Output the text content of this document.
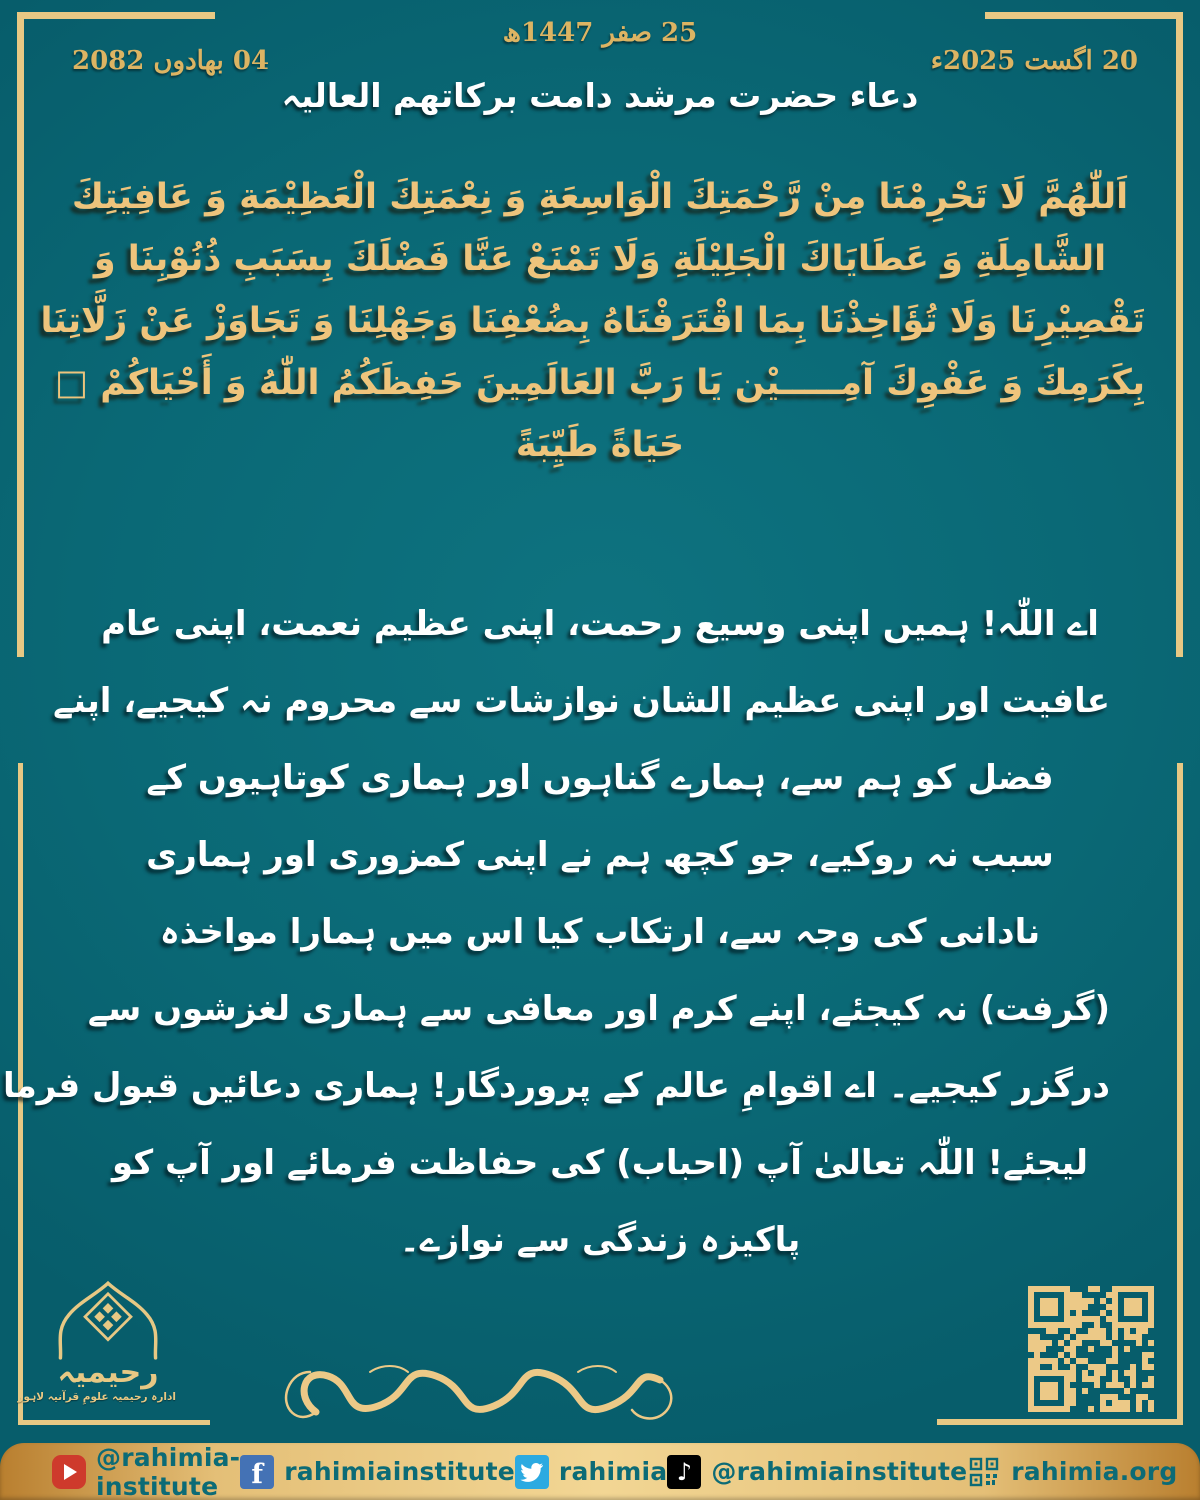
25 صفر 1447ھ
20 اگست 2025ء
04 بھادوں 2082
دعاء حضرت مرشد دامت برکاتھم العالیہ
اَللّٰهُمَّ لَا تَحْرِمْنَا مِنْ رَّحْمَتِكَ الْوَاسِعَةِ وَ نِعْمَتِكَ الْعَظِيْمَةِ وَ عَافِيَتِكَ
الشَّامِلَةِ وَ عَطَايَاكَ الْجَلِيْلَةِ وَلَا تَمْنَعْ عَنَّا فَضْلَكَ بِسَبَبِ ذُنُوْبِنَا وَ
تَقْصِيْرِنَا وَلَا تُؤَاخِذْنَا بِمَا اقْتَرَفْنَاهُ بِضُعْفِنَا وَجَهْلِنَا وَ تَجَاوَزْ عَنْ زَلَّاتِنَا
بِكَرَمِكَ وَ عَفْوِكَ آمِـــــيْن يَا رَبَّ العَالَمِينَ حَفِظَكُمُ اللّٰهُ وَ أَحْيَاكُمْ □
حَيَاةً طَيِّبَةً
اے اللّٰہ! ہمیں اپنی وسیع رحمت، اپنی عظیم نعمت، اپنی عام
عافیت اور اپنی عظیم الشان نوازشات سے محروم نہ کیجیے، اپنے
فضل کو ہم سے، ہمارے گناہوں اور ہماری کوتاہیوں کے
سبب نہ روکیے، جو کچھ ہم نے اپنی کمزوری اور ہماری
نادانی کی وجہ سے، ارتکاب کیا اس میں ہمارا مواخذہ
(گرفت) نہ کیجئے، اپنے کرم اور معافی سے ہماری لغزشوں سے
درگزر کیجیے۔ اے اقوامِ عالم کے پروردگار! ہماری دعائیں قبول فرما
لیجئے! اللّٰہ تعالیٰ آپ (احباب) کی حفاظت فرمائے اور آپ کو
پاکیزہ زندگی سے نوازے۔
رحیمیہ
ادارہ رحیمیہ علومِ قرآنیہ لاہور
@rahimia-institute	f rahimiainstitute rahimia ♪ @rahimiainstitute rahimia.org
